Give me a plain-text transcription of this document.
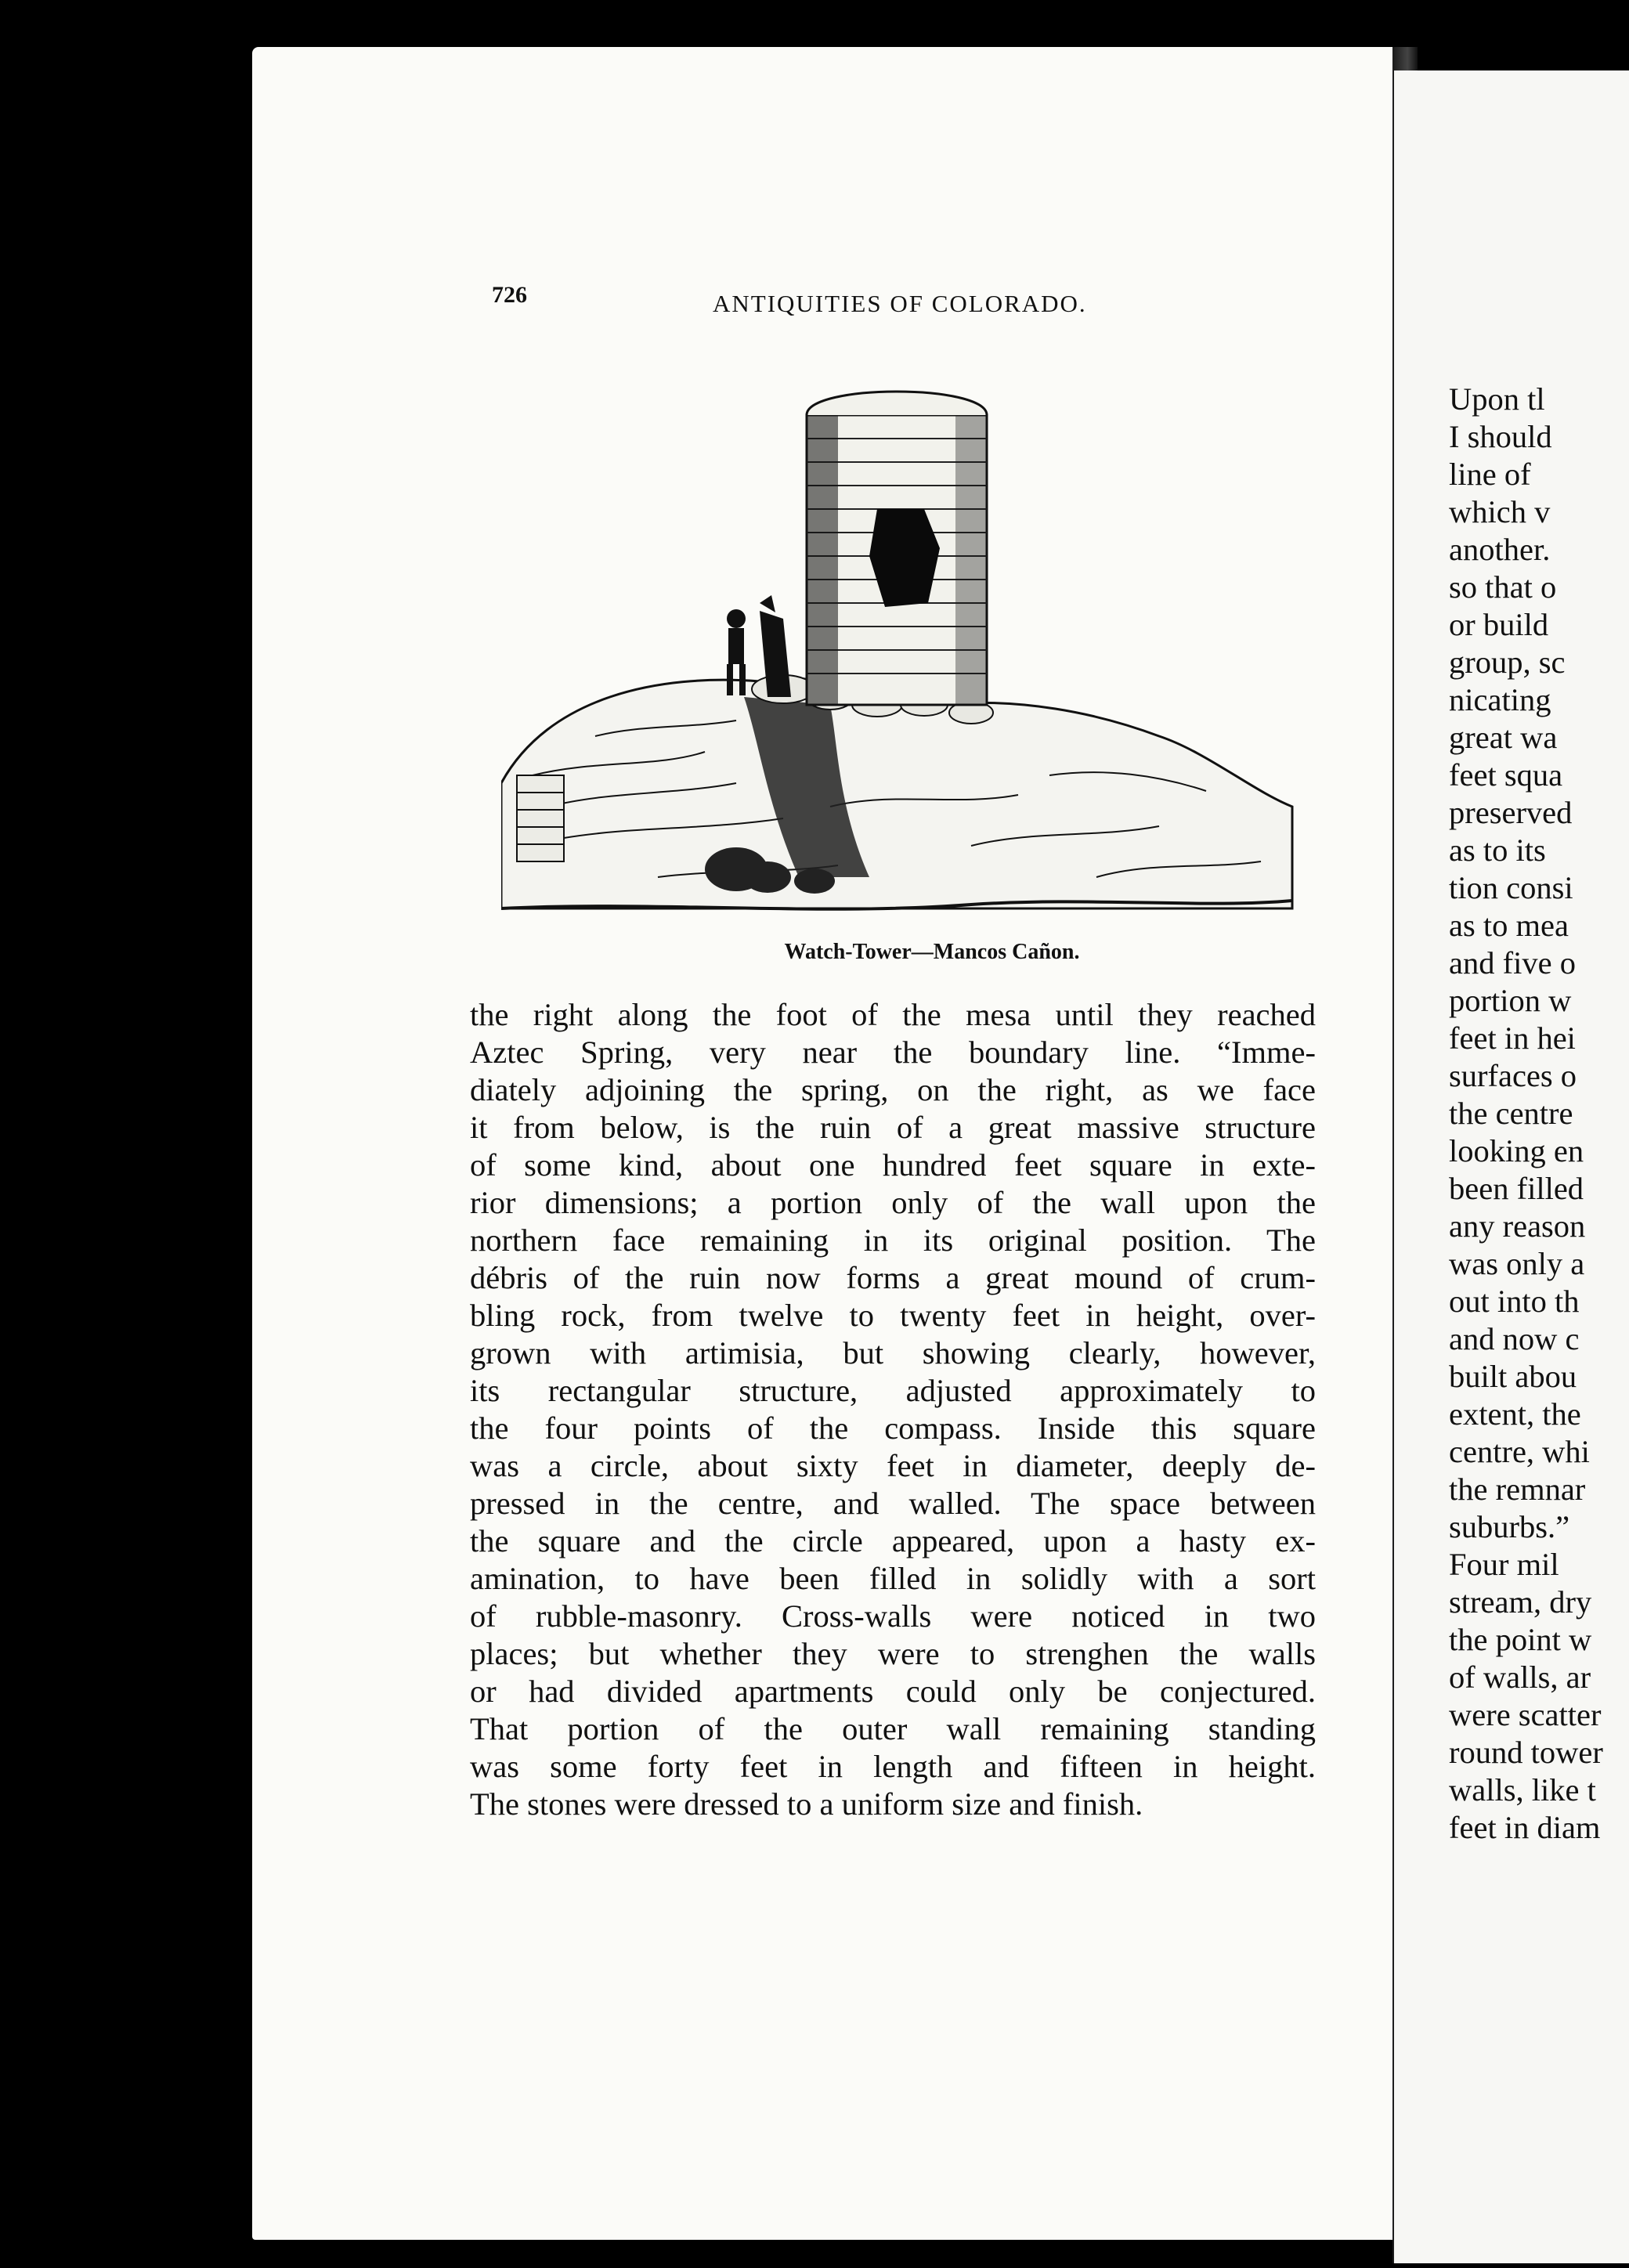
726	ANTIQUITIES OF COLORADO.
Watch-Tower—Mancos Cañon.
the right along the foot of the mesa until they reached
Aztec Spring, very near the boundary line. “Imme-
diately adjoining the spring, on the right, as we face
it from below, is the ruin of a great massive structure
of some kind, about one hundred feet square in exte-
rior dimensions; a portion only of the wall upon the
northern face remaining in its original position. The
débris of the ruin now forms a great mound of crum-
bling rock, from twelve to twenty feet in height, over-
grown with artimisia, but showing clearly, however,
its rectangular structure, adjusted approximately to
the four points of the compass. Inside this square
was a circle, about sixty feet in diameter, deeply de-
pressed in the centre, and walled. The space between
the square and the circle appeared, upon a hasty ex-
amination, to have been filled in solidly with a sort
of rubble-masonry. Cross-walls were noticed in two
places; but whether they were to strenghen the walls
or had divided apartments could only be conjectured.
That portion of the outer wall remaining standing
was some forty feet in length and fifteen in height.
The stones were dressed to a uniform size and finish.
Upon tl
I should
line of
which v
another.
so that o
or build
group, sc
nicating
great wa
feet squa
preserved
as to its
tion consi
as to mea
and five o
portion w
feet in hei
surfaces o
the centre
looking en
been filled
any reason
was only a
out into th
and now c
built abou
extent, the
centre, whi
the remnar
suburbs.”
Four mil
stream, dry
the point w
of walls, ar
were scatter
round tower
walls, like t
feet in diam
